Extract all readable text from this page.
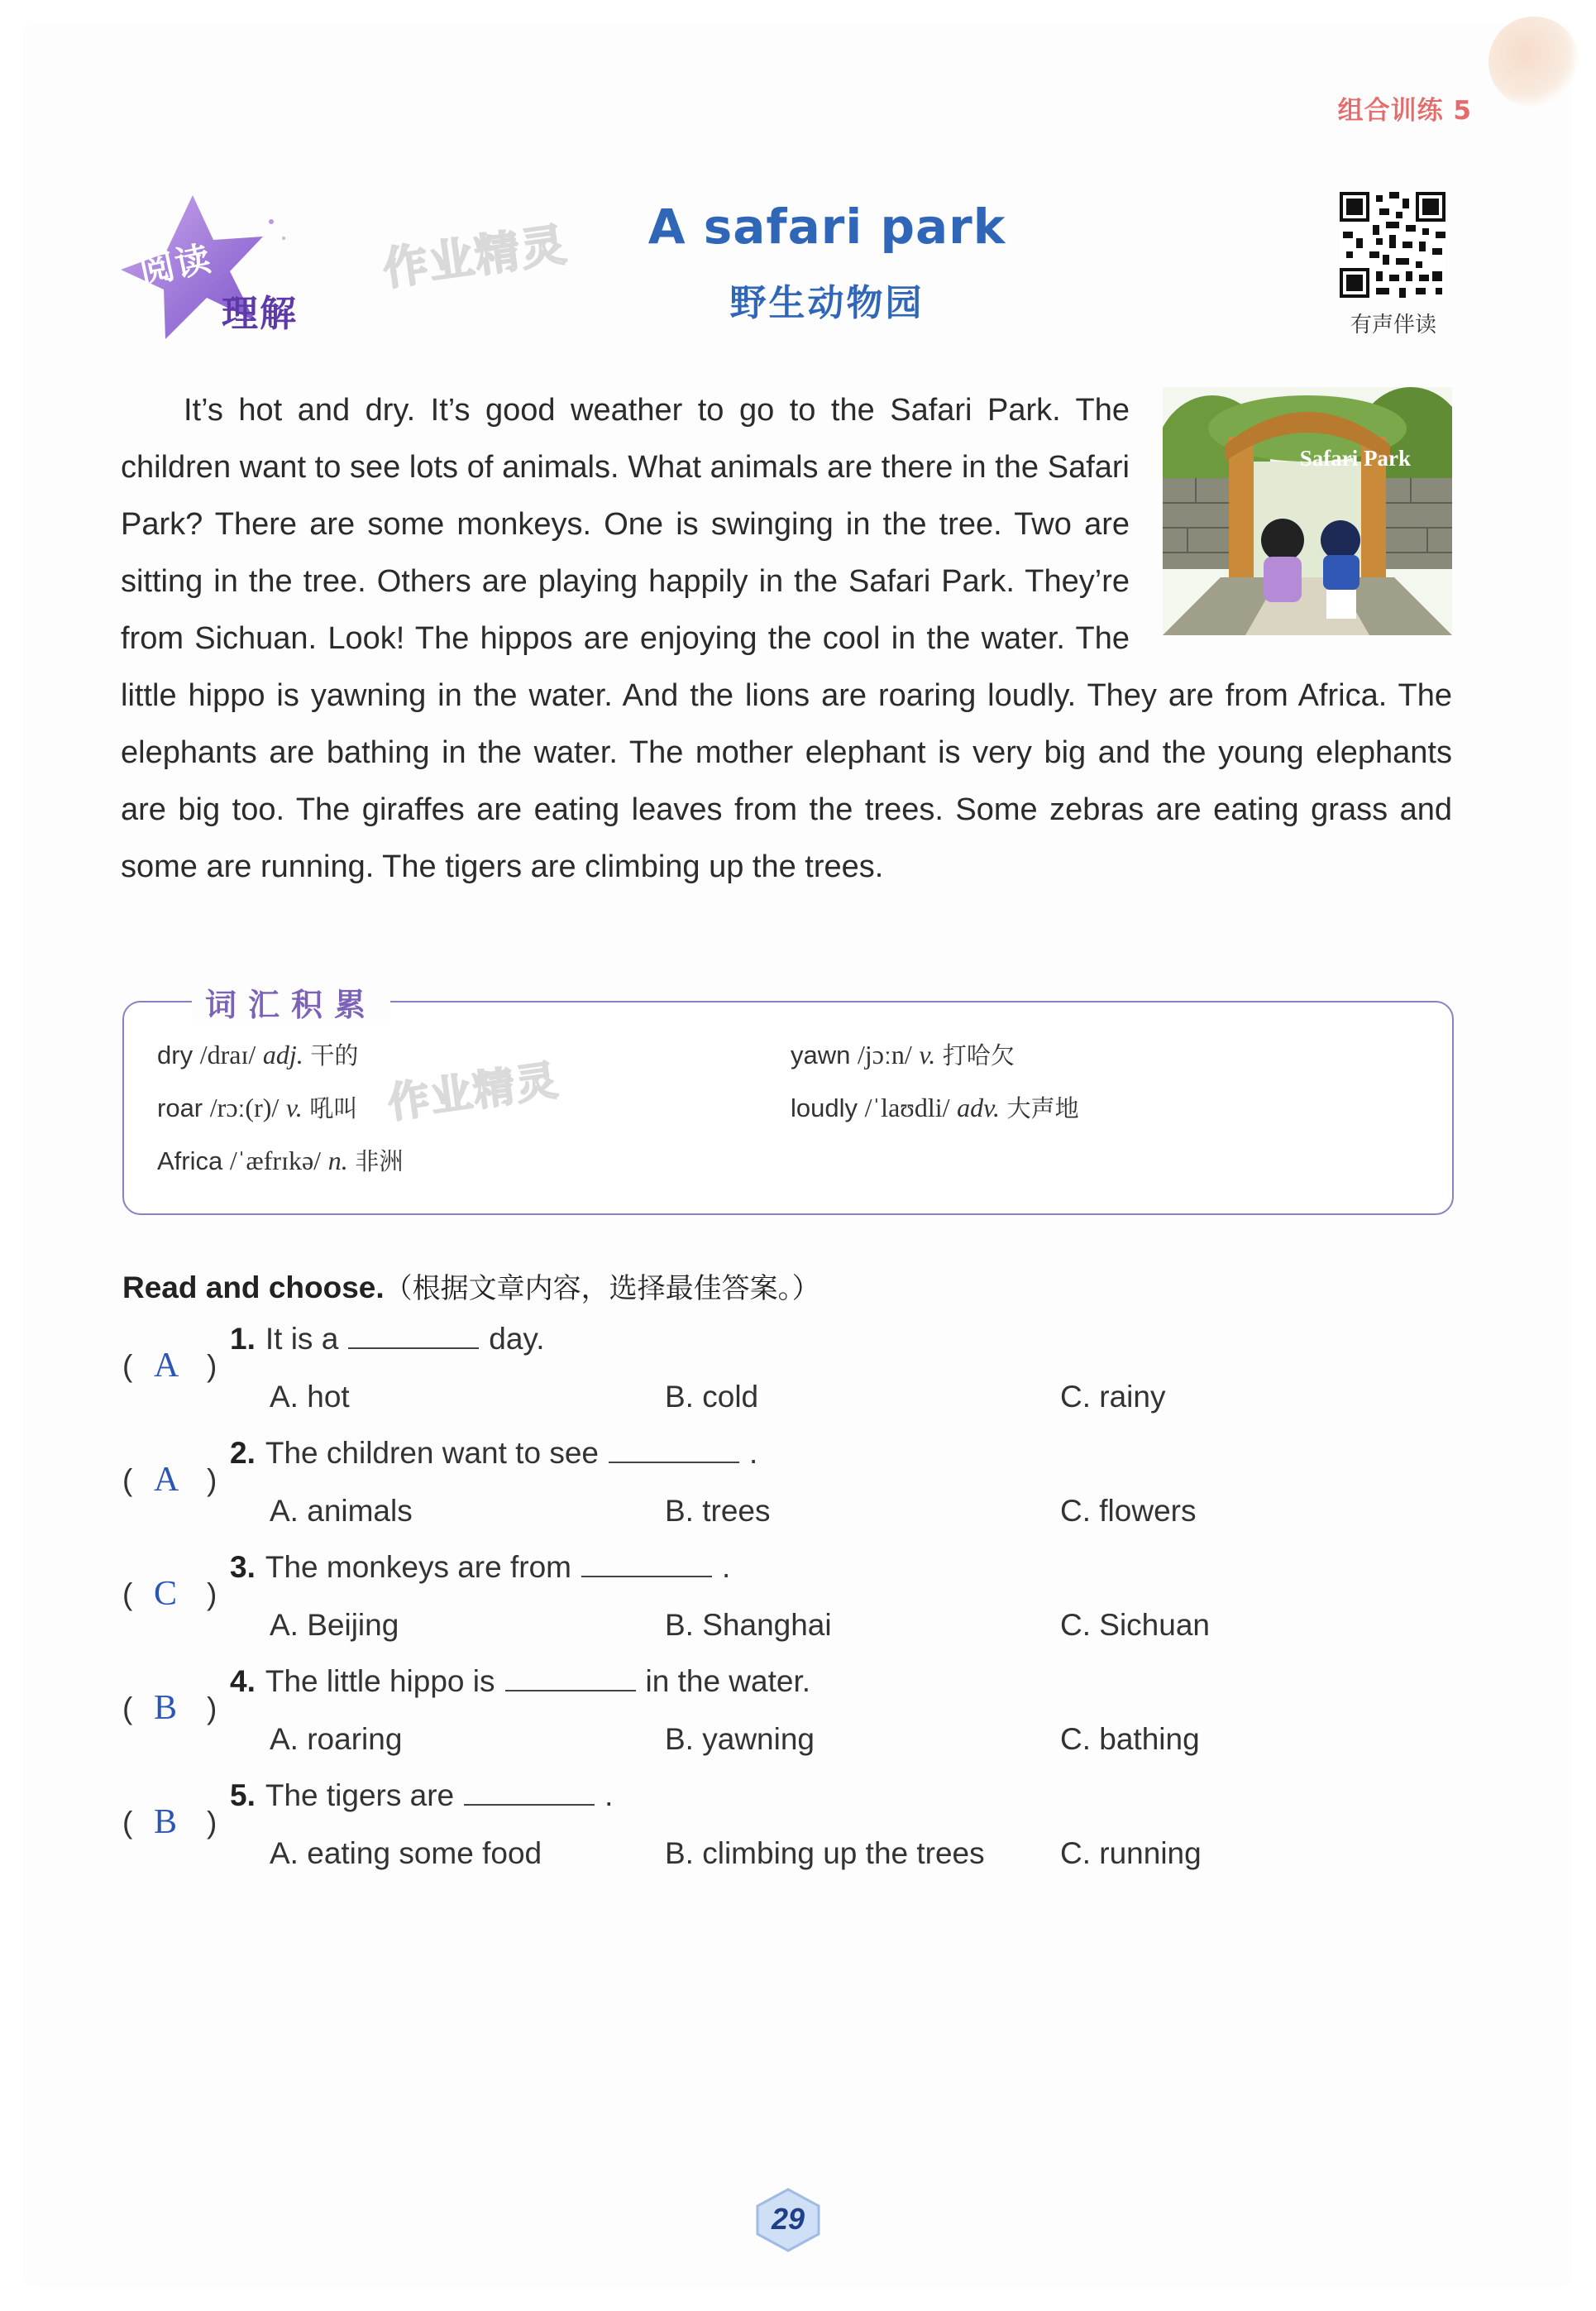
组合训练 5
阅读
理解
作业精灵	A safari park
野生动物园
有声伴读
Safari Park

It’s hot and dry. It’s good weather to go to the Safari Park. The children want to see lots of animals. What animals are there in the Safari Park? There are some monkeys. One is swinging in the tree. Two are sitting in the tree. Others are playing happily in the Safari Park. They’re from Sichuan. Look! The hippos are enjoying the cool in the water. The little hippo is yawning in the water. And the lions are roaring loudly. They are from Africa. The elephants are bathing in the water. The mother elephant is very big and the young elephants are big too. The giraffes are eating leaves from the trees. Some zebras are eating grass and some are running. The tigers are climbing up the trees.

词汇积累
作业精灵
dry /draɪ/ adj. 干的
roar /rɔː(r)/ v. 吼叫
Africa /ˈæfrɪkə/ n. 非洲
yawn /jɔːn/ v. 打哈欠
loudly /ˈlaʊdli/ adv. 大声地
Read and choose.（根据文章内容，选择最佳答案。）
( A )
1. It is a	day.
A. hot	B. cold	C. rainy
( A )
2. The children want to see	.
A. animals	B. trees	C. flowers
( C )
3. The monkeys are from	.
A. Beijing	B. Shanghai	C. Sichuan
( B )
4. The little hippo is	in the water.
A. roaring	B. yawning	C. bathing
( B )
5. The tigers are	.
A. eating some food	B. climbing up the trees C. running
29
